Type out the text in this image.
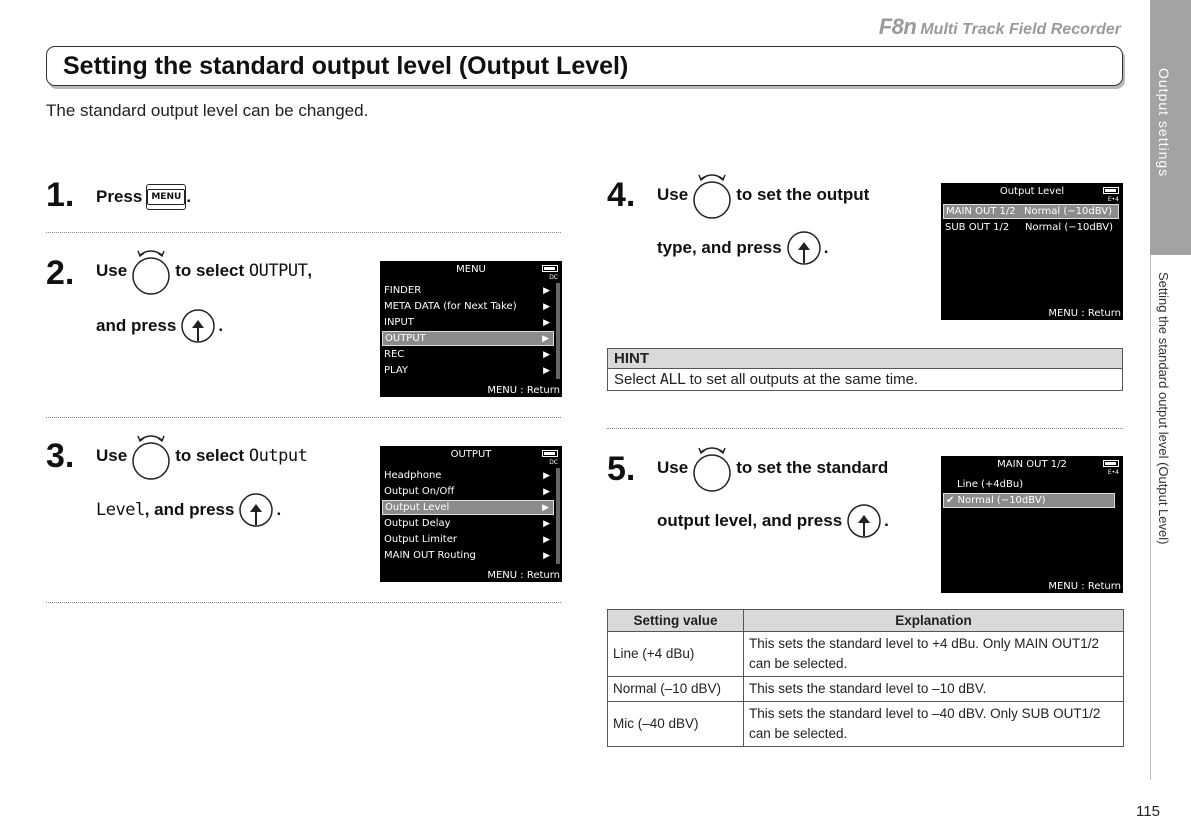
F8n Multi Track Field Recorder
Setting the standard output level (Output Level)
The standard output level can be changed.	Output settings
Setting the standard output level (Output Level)
115
1. Press	MENU .
2. Use	to select
OUTPUT ,
and press .
MENU
DC
FINDER	▶
META DATA (for Next Take)	▶
INPUT	▶
OUTPUT	▶
REC	▶
PLAY	▶
MENU : Return
3. Use	to select
Output
Level , and press .
OUTPUT
DC
Headphone	▶
Output On/Off	▶
Output Level	▶
Output Delay	▶
Output Limiter	▶
MAIN OUT Routing	▶
MENU : Return
4. Use	to set the output
type, and press .
Output Level
E•4
MAIN OUT 1/2 Normal (−10dBV)
SUB OUT 1/2 Normal (−10dBV)
MENU : Return
HINT
Select ALL to set all outputs at the same time.
5. Use	to set the standard
output level, and press .
MAIN OUT 1/2
E•4
Line (+4dBu)
✔ Normal (−10dBV)
MENU : Return
Setting value	Explanation
Line (+4 dBu)	This sets the standard level to +4 dBu. Only MAIN OUT1/2 can be selected.
Normal (–10 dBV)	This sets the standard level to –10 dBV.
Mic (–40 dBV)	This sets the standard level to –40 dBV. Only SUB OUT1/2 can be selected.
